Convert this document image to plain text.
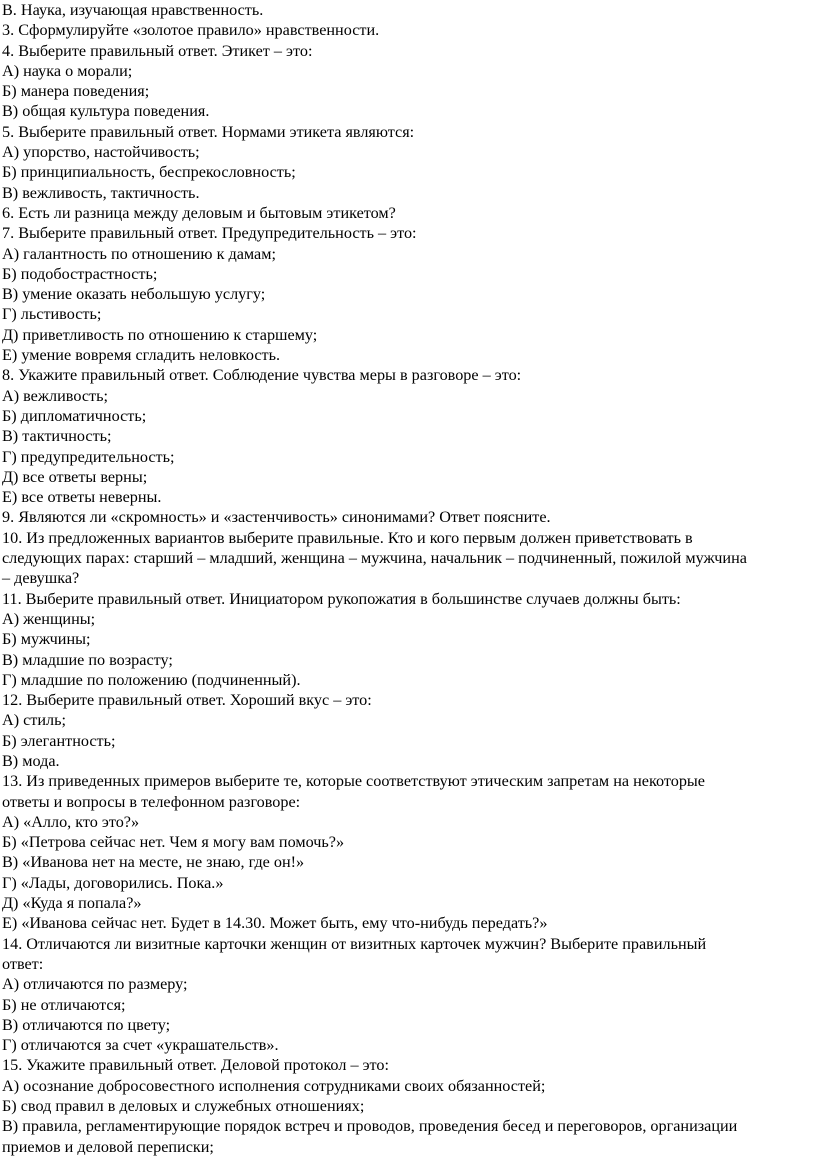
В. Наука, изучающая нравственность.
3. Сформулируйте «золотое правило» нравственности.
4. Выберите правильный ответ. Этикет – это:
А) наука о морали;
Б) манера поведения;
В) общая культура поведения.
5. Выберите правильный ответ. Нормами этикета являются:
А) упорство, настойчивость;
Б) принципиальность, беспрекословность;
В) вежливость, тактичность.
6. Есть ли разница между деловым и бытовым этикетом?
7. Выберите правильный ответ. Предупредительность – это:
А) галантность по отношению к дамам;
Б) подобострастность;
В) умение оказать небольшую услугу;
Г) льстивость;
Д) приветливость по отношению к старшему;
Е) умение вовремя сгладить неловкость.
8. Укажите правильный ответ. Соблюдение чувства меры в разговоре – это:
А) вежливость;
Б) дипломатичность;
В) тактичность;
Г) предупредительность;
Д) все ответы верны;
Е) все ответы неверны.
9. Являются ли «скромность» и «застенчивость» синонимами? Ответ поясните.
10. Из предложенных вариантов выберите правильные. Кто и кого первым должен приветствовать в
следующих парах: старший – младший, женщина – мужчина, начальник – подчиненный, пожилой мужчина
– девушка?
11. Выберите правильный ответ. Инициатором рукопожатия в большинстве случаев должны быть:
А) женщины;
Б) мужчины;
В) младшие по возрасту;
Г) младшие по положению (подчиненный).
12. Выберите правильный ответ. Хороший вкус – это:
А) стиль;
Б) элегантность;
В) мода.
13. Из приведенных примеров выберите те, которые соответствуют этическим запретам на некоторые
ответы и вопросы в телефонном разговоре:
А) «Алло, кто это?»
Б) «Петрова сейчас нет. Чем я могу вам помочь?»
В) «Иванова нет на месте, не знаю, где он!»
Г) «Лады, договорились. Пока.»
Д) «Куда я попала?»
Е) «Иванова сейчас нет. Будет в 14.30. Может быть, ему что-нибудь передать?»
14. Отличаются ли визитные карточки женщин от визитных карточек мужчин? Выберите правильный
ответ:
А) отличаются по размеру;
Б) не отличаются;
В) отличаются по цвету;
Г) отличаются за счет «украшательств».
15. Укажите правильный ответ. Деловой протокол – это:
А) осознание добросовестного исполнения сотрудниками своих обязанностей;
Б) свод правил в деловых и служебных отношениях;
В) правила, регламентирующие порядок встреч и проводов, проведения бесед и переговоров, организации
приемов и деловой переписки;
